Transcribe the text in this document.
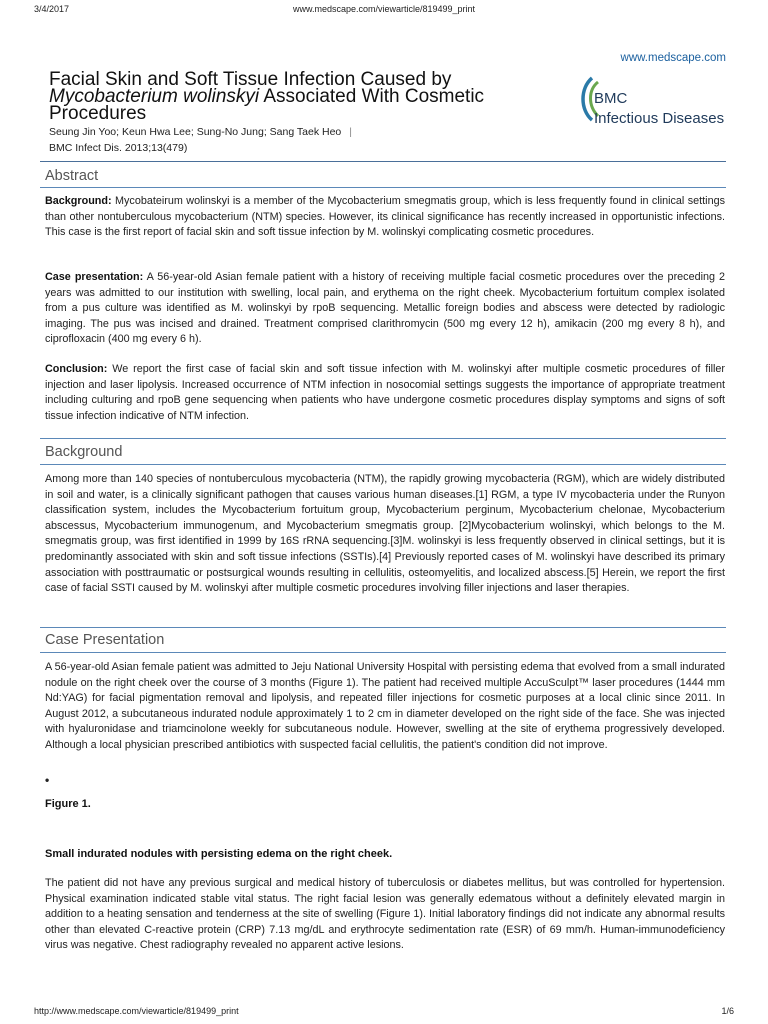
3/4/2017	www.medscape.com/viewarticle/819499_print
www.medscape.com
Facial Skin and Soft Tissue Infection Caused by
Mycobacterium wolinskyi Associated With Cosmetic
Procedures
Seung Jin Yoo; Keun Hwa Lee; Sung-No Jung; Sang Taek Heo |
BMC Infect Dis. 2013;13(479)
BMC
Infectious Diseases
Abstract
Background: Mycobateirum wolinskyi is a member of the Mycobacterium smegmatis group, which is less frequently found in clinical settings than other nontuberculous mycobacterium (NTM) species. However, its clinical significance has recently increased in opportunistic infections. This case is the first report of facial skin and soft tissue infection by M. wolinskyi complicating cosmetic procedures.
Case presentation: A 56-year-old Asian female patient with a history of receiving multiple facial cosmetic procedures over the preceding 2 years was admitted to our institution with swelling, local pain, and erythema on the right cheek. Mycobacterium fortuitum complex isolated from a pus culture was identified as M. wolinskyi by rpoB sequencing. Metallic foreign bodies and abscess were detected by radiologic imaging. The pus was incised and drained. Treatment comprised clarithromycin (500 mg every 12 h), amikacin (200 mg every 8 h), and ciprofloxacin (400 mg every 6 h).
Conclusion: We report the first case of facial skin and soft tissue infection with M. wolinskyi after multiple cosmetic procedures of filler injection and laser lipolysis. Increased occurrence of NTM infection in nosocomial settings suggests the importance of appropriate treatment including culturing and rpoB gene sequencing when patients who have undergone cosmetic procedures display symptoms and signs of soft tissue infection indicative of NTM infection.
Background
Among more than 140 species of nontuberculous mycobacteria (NTM), the rapidly growing mycobacteria (RGM), which are widely distributed in soil and water, is a clinically significant pathogen that causes various human diseases.[1] RGM, a type IV mycobacteria under the Runyon classification system, includes the Mycobacterium fortuitum group, Mycobacterium perginum, Mycobacterium chelonae, Mycobacterium abscessus, Mycobacterium immunogenum, and Mycobacterium smegmatis group. [2]Mycobacterium wolinskyi, which belongs to the M. smegmatis group, was first identified in 1999 by 16S rRNA sequencing.[3]M. wolinskyi is less frequently observed in clinical settings, but it is predominantly associated with skin and soft tissue infections (SSTIs).[4] Previously reported cases of M. wolinskyi have described its primary association with posttraumatic or postsurgical wounds resulting in cellulitis, osteomyelitis, and localized abscess.[5] Herein, we report the first case of facial SSTI caused by M. wolinskyi after multiple cosmetic procedures involving filler injections and laser therapies.
Case Presentation
A 56-year-old Asian female patient was admitted to Jeju National University Hospital with persisting edema that evolved from a small indurated nodule on the right cheek over the course of 3 months (Figure 1). The patient had received multiple AccuSculpt™ laser procedures (1444 mm Nd:YAG) for facial pigmentation removal and lipolysis, and repeated filler injections for cosmetic purposes at a local clinic since 2011. In August 2012, a subcutaneous indurated nodule approximately 1 to 2 cm in diameter developed on the right side of the face. She was injected with hyaluronidase and triamcinolone weekly for subcutaneous nodule. However, swelling at the site of erythema progressively developed. Although a local physician prescribed antibiotics with suspected facial cellulitis, the patient's condition did not improve.
•
Figure 1.
Small indurated nodules with persisting edema on the right cheek.
The patient did not have any previous surgical and medical history of tuberculosis or diabetes mellitus, but was controlled for hypertension. Physical examination indicated stable vital status. The right facial lesion was generally edematous without a definitely elevated margin in addition to a heating sensation and tenderness at the site of swelling (Figure 1). Initial laboratory findings did not indicate any abnormal results other than elevated C-reactive protein (CRP) 7.13 mg/dL and erythrocyte sedimentation rate (ESR) of 69 mm/h. Human-immunodeficiency virus was negative. Chest radiography revealed no apparent active lesions.
http://www.medscape.com/viewarticle/819499_print	1/6
